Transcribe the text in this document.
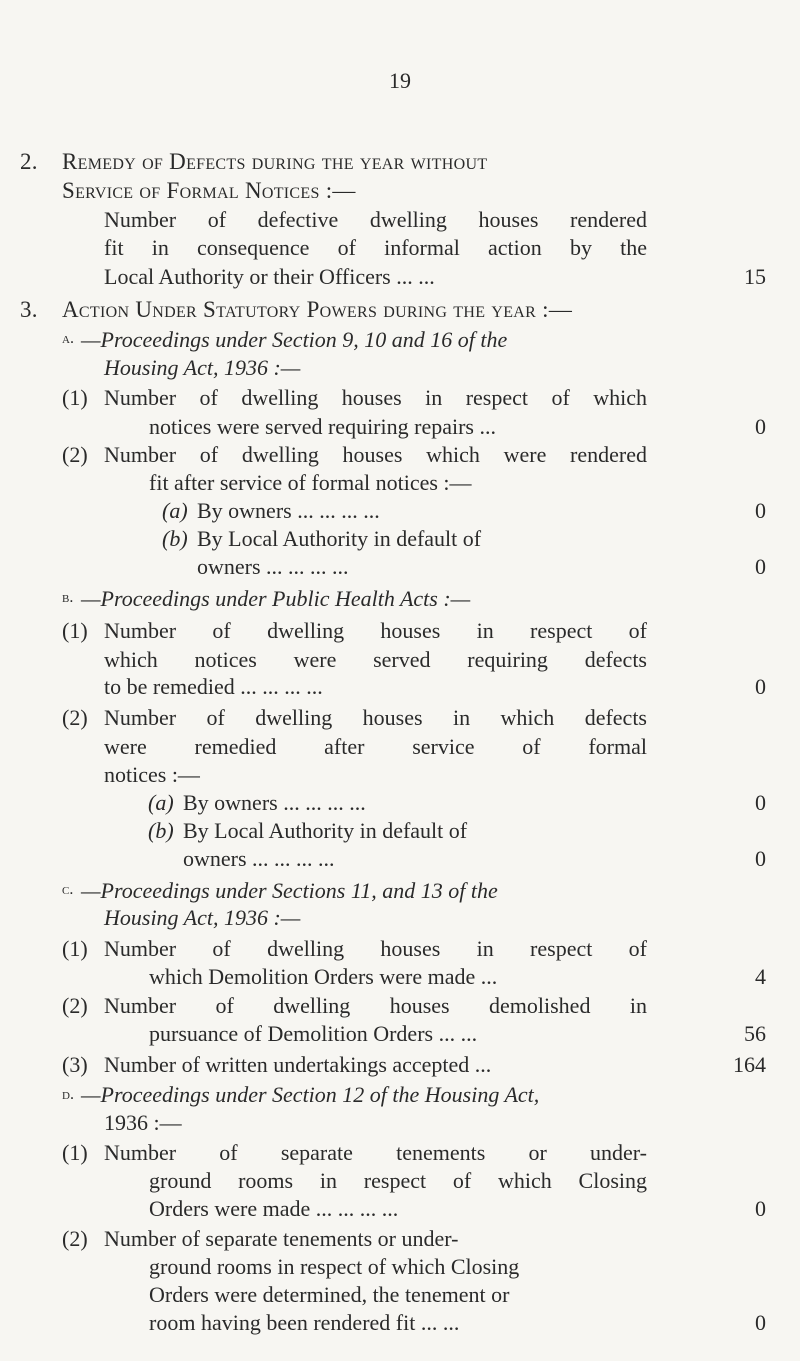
19
2. Remedy of Defects during the year without
Service of Formal Notices :—
Number of defective dwelling houses rendered
fit in consequence of informal action by the
Local Authority or their Officers ... ...	15
3. Action Under Statutory Powers during the year :—
a. —Proceedings under Section 9, 10 and 16 of the
Housing Act, 1936 :—
(1) Number of dwelling houses in respect of which
notices were served requiring repairs ...	0
(2) Number of dwelling houses which were rendered
fit after service of formal notices :—
(a) By owners ... ... ... ...	0
(b) By Local Authority in default of
owners ... ... ... ...	0
b. —Proceedings under Public Health Acts :—
(1) Number of dwelling houses in respect of
which notices were served requiring defects
to be remedied ... ... ... ...	0
(2) Number of dwelling houses in which defects
were remedied after service of formal
notices :—
(a) By owners ... ... ... ...	0
(b) By Local Authority in default of
owners ... ... ... ...	0
c. —Proceedings under Sections 11, and 13 of the
Housing Act, 1936 :—
(1) Number of dwelling houses in respect of
which Demolition Orders were made ...	4
(2) Number of dwelling houses demolished in
pursuance of Demolition Orders ... ...	56
(3) Number of written undertakings accepted ...	164
d. —Proceedings under Section 12 of the Housing Act,
1936 :—
(1) Number of separate tenements or under-
ground rooms in respect of which Closing
Orders were made ... ... ... ...	0
(2) Number of separate tenements or under-
ground rooms in respect of which Closing
Orders were determined, the tenement or
room having been rendered fit ... ...	0
